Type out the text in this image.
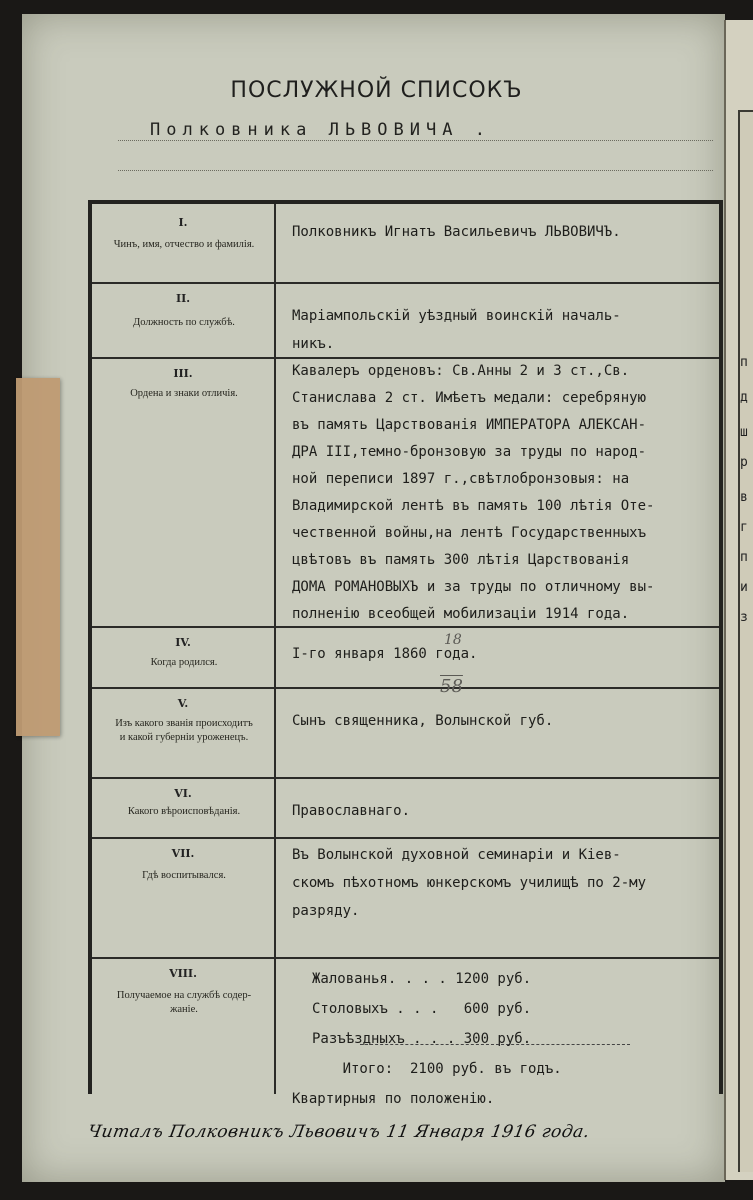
п
д
ш
р
в
г
п
и
з
ПОСЛУЖНОЙ СПИСОКЪ
Полковника ЛЬВОВИЧА .
I.
Чинъ, имя, отчество и фамилія.
Полковникъ Игнатъ Васильевичъ ЛЬВОВИЧЪ.
II.
Должность по службѣ.	Маріампольскій уѣздный воинскій началь-
никъ.
III.
Ордена и знаки отличія.
Кавалеръ орденовъ: Св.Анны 2 и 3 ст.,Св.
Станислава 2 ст. Имѣетъ медали: серебряную
въ память Царствованія ИМПЕРАТОРА АЛЕКСАН-
ДРА III,темно-бронзовую за труды по народ-
ной переписи 1897 г.,свѣтлобронзовыя: на
Владимирской лентѣ въ память 100 лѣтія Оте-
чественной войны,на лентѣ Государственныхъ
цвѣтовъ въ память 300 лѣтія Царствованія
ДОМА РОМАНОВЫХЪ и за труды по отличному вы-
полненію всеобщей мобилизаціи 1914 года.
IV.
Когда родился.
I-го января 1860 года.
V.
Изъ какого званія происходитъ
и какой губерніи уроженецъ.
Сынъ священника, Волынской губ.
VI.
Какого вѣроисповѣданія.	Православнаго.
VII.
Гдѣ воспитывался.
Въ Волынской духовной семинаріи и Кіев-
скомъ пѣхотномъ юнкерскомъ училищѣ по 2-му
разряду.
VIII.
Получаемое на службѣ содер-
жаніе.
Жалованья. . . . 1200 руб.
Столовыхъ . . .   600 руб.
Разъѣздныхъ . . . 300 руб.
Итого:  2100 руб. въ годъ.
Квартирныя по положенію.
18
58
Читалъ Полковникъ Львовичъ 11 Января 1916 года.
